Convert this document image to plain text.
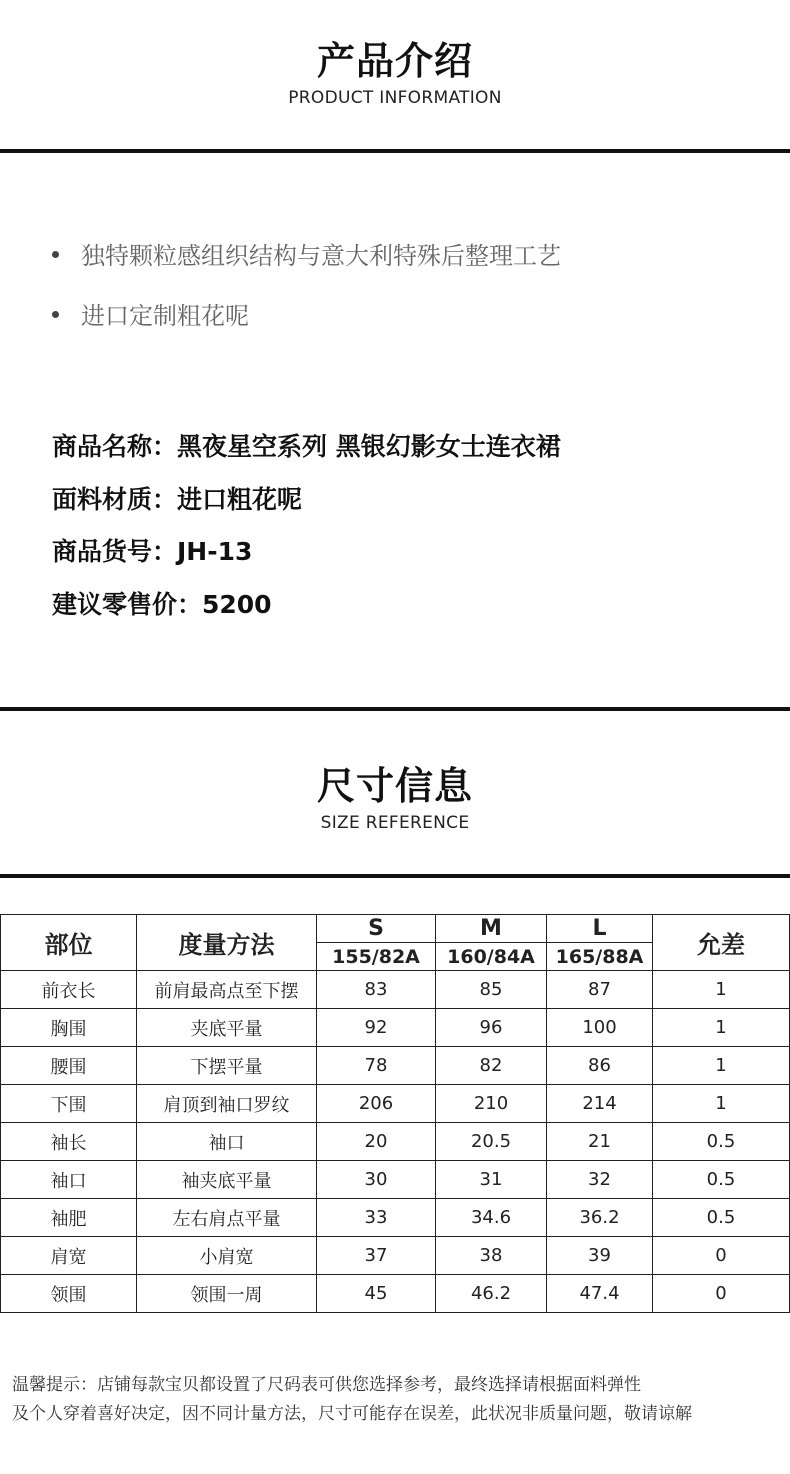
产品介绍
PRODUCT INFORMATION
独特颗粒感组织结构与意大利特殊后整理工艺
进口定制粗花呢
商品名称：黑夜星空系列 黑银幻影女士连衣裙
面料材质：进口粗花呢
商品货号：JH-13
建议零售价：5200
尺寸信息
SIZE REFERENCE
部位	度量方法	S	M	L	允差
		155/82A	160/84A	165/88A	
前衣长	前肩最高点至下摆	83	85	87	1
胸围	夹底平量	92	96	100	1
腰围	下摆平量	78	82	86	1
下围	肩顶到袖口罗纹	206	210	214	1
袖长	袖口	20	20.5	21	0.5
袖口	袖夹底平量	30	31	32	0.5
袖肥	左右肩点平量	33	34.6	36.2	0.5
肩宽	小肩宽	37	38	39	0
领围	领围一周	45	46.2	47.4	0
温馨提示：店铺每款宝贝都设置了尺码表可供您选择参考，最终选择请根据面料弹性
及个人穿着喜好决定，因不同计量方法，尺寸可能存在误差，此状况非质量问题，敬请谅解
